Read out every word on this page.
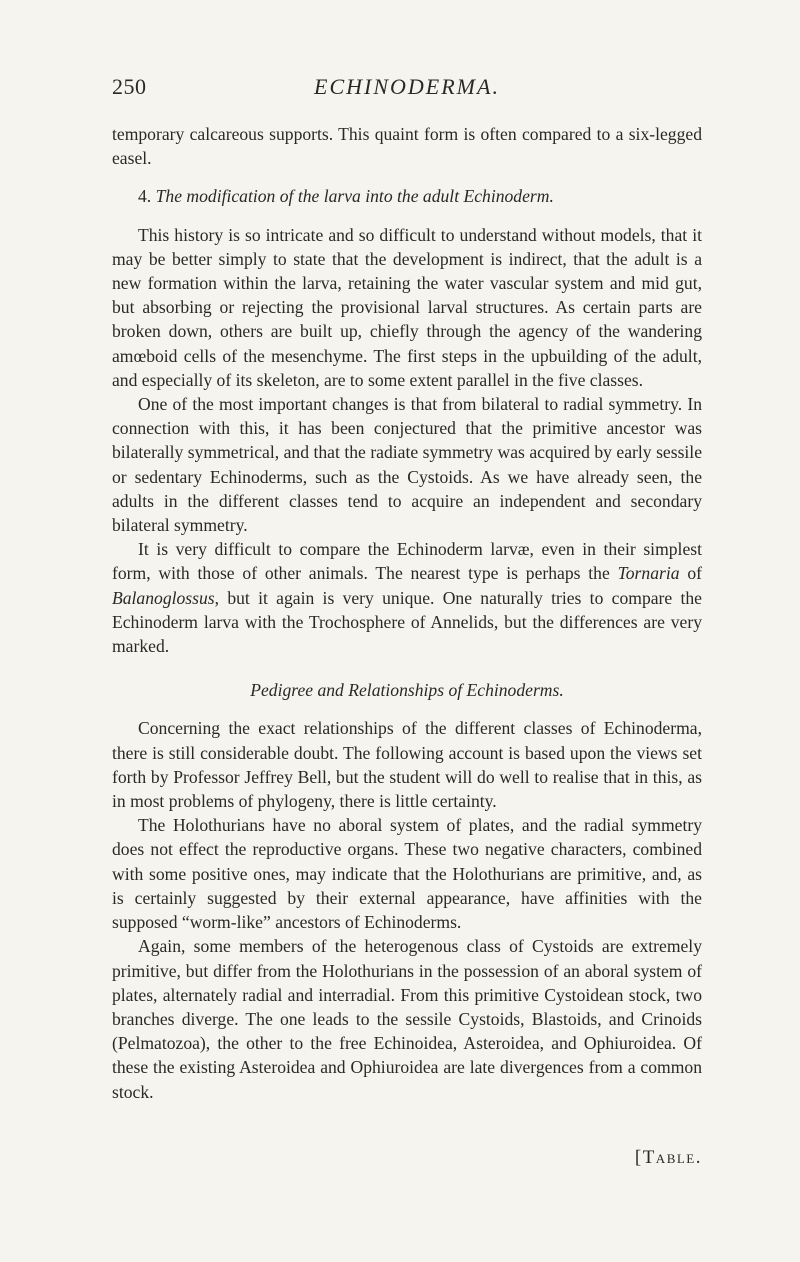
250	ECHINODERMA.

temporary calcareous supports. This quaint form is often compared to a six-legged easel.

4. The modification of the larva into the adult Echinoderm.

This history is so intricate and so difficult to understand without models, that it may be better simply to state that the development is indirect, that the adult is a new formation within the larva, retaining the water vascular system and mid gut, but absorbing or rejecting the provisional larval structures. As certain parts are broken down, others are built up, chiefly through the agency of the wandering amœboid cells of the mesenchyme. The first steps in the upbuilding of the adult, and especially of its skeleton, are to some extent parallel in the five classes.

One of the most important changes is that from bilateral to radial symmetry. In connection with this, it has been conjectured that the primitive ancestor was bilaterally symmetrical, and that the radiate symmetry was acquired by early sessile or sedentary Echinoderms, such as the Cystoids. As we have already seen, the adults in the different classes tend to acquire an independent and secondary bilateral symmetry.

It is very difficult to compare the Echinoderm larvæ, even in their simplest form, with those of other animals. The nearest type is perhaps the Tornaria of Balanoglossus, but it again is very unique. One naturally tries to compare the Echinoderm larva with the Trochosphere of Annelids, but the differences are very marked.

Pedigree and Relationships of Echinoderms.

Concerning the exact relationships of the different classes of Echinoderma, there is still considerable doubt. The following account is based upon the views set forth by Professor Jeffrey Bell, but the student will do well to realise that in this, as in most problems of phylogeny, there is little certainty.

The Holothurians have no aboral system of plates, and the radial symmetry does not effect the reproductive organs. These two negative characters, combined with some positive ones, may indicate that the Holothurians are primitive, and, as is certainly suggested by their external appearance, have affinities with the supposed “worm-like” ancestors of Echinoderms.

Again, some members of the heterogenous class of Cystoids are extremely primitive, but differ from the Holothurians in the possession of an aboral system of plates, alternately radial and interradial. From this primitive Cystoidean stock, two branches diverge. The one leads to the sessile Cystoids, Blastoids, and Crinoids (Pelmatozoa), the other to the free Echinoidea, Asteroidea, and Ophiuroidea. Of these the existing Asteroidea and Ophiuroidea are late divergences from a common stock.

[Table.
